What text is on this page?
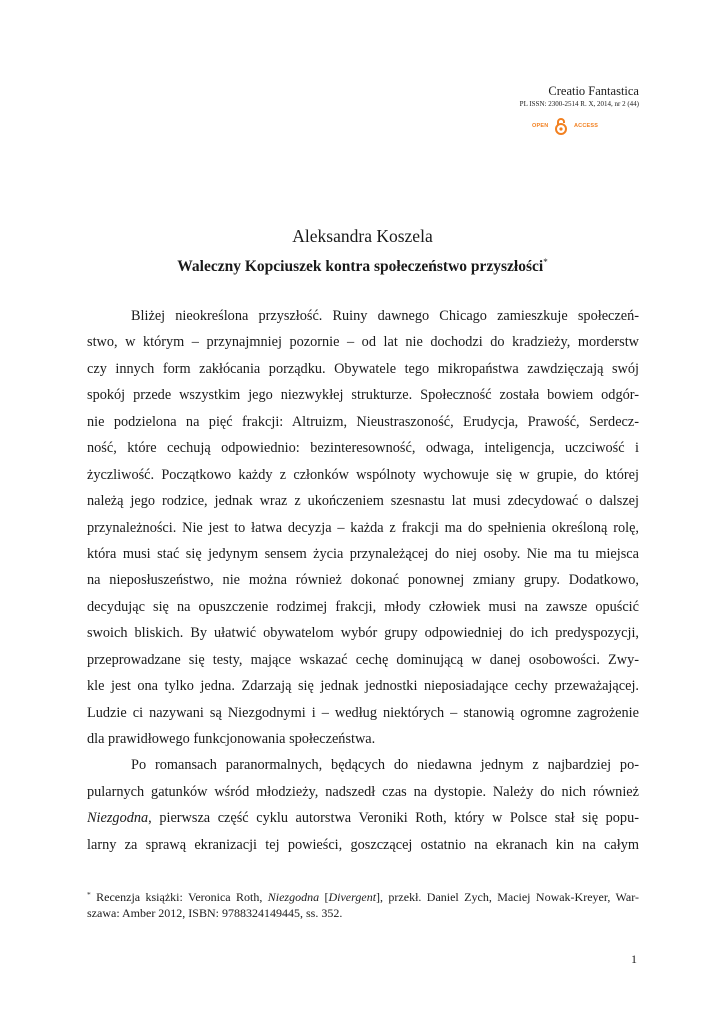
Creatio Fantastica
PL ISSN: 2300-2514 R. X, 2014, nr 2 (44)
OPEN	ACCESS
Aleksandra Koszela
Waleczny Kopciuszek kontra społeczeństwo przyszłości*
Bliżej nieokreślona przyszłość. Ruiny dawnego Chicago zamieszkuje społeczeń-
stwo, w którym – przynajmniej pozornie – od lat nie dochodzi do kradzieży, morderstw
czy innych form zakłócania porządku. Obywatele tego mikropaństwa zawdzięczają swój
spokój przede wszystkim jego niezwykłej strukturze. Społeczność została bowiem odgór-
nie podzielona na pięć frakcji: Altruizm, Nieustraszoność, Erudycja, Prawość, Serdecz-
ność, które cechują odpowiednio: bezinteresowność, odwaga, inteligencja, uczciwość i
życzliwość. Początkowo każdy z członków wspólnoty wychowuje się w grupie, do której
należą jego rodzice, jednak wraz z ukończeniem szesnastu lat musi zdecydować o dalszej
przynależności. Nie jest to łatwa decyzja – każda z frakcji ma do spełnienia określoną rolę,
która musi stać się jedynym sensem życia przynależącej do niej osoby. Nie ma tu miejsca
na nieposłuszeństwo, nie można również dokonać ponownej zmiany grupy. Dodatkowo,
decydując się na opuszczenie rodzimej frakcji, młody człowiek musi na zawsze opuścić
swoich bliskich. By ułatwić obywatelom wybór grupy odpowiedniej do ich predyspozycji,
przeprowadzane się testy, mające wskazać cechę dominującą w danej osobowości. Zwy-
kle jest ona tylko jedna. Zdarzają się jednak jednostki nieposiadające cechy przeważającej.
Ludzie ci nazywani są Niezgodnymi i – według niektórych – stanowią ogromne zagrożenie
dla prawidłowego funkcjonowania społeczeństwa.
Po romansach paranormalnych, będących do niedawna jednym z najbardziej po-
pularnych gatunków wśród młodzieży, nadszedł czas na dystopie. Należy do nich również
Niezgodna, pierwsza część cyklu autorstwa Veroniki Roth, który w Polsce stał się popu-
larny za sprawą ekranizacji tej powieści, goszczącej ostatnio na ekranach kin na całym
* Recenzja książki: Veronica Roth, Niezgodna [Divergent], przekł. Daniel Zych, Maciej Nowak-Kreyer, War-
szawa: Amber 2012, ISBN: 9788324149445, ss. 352.
1
